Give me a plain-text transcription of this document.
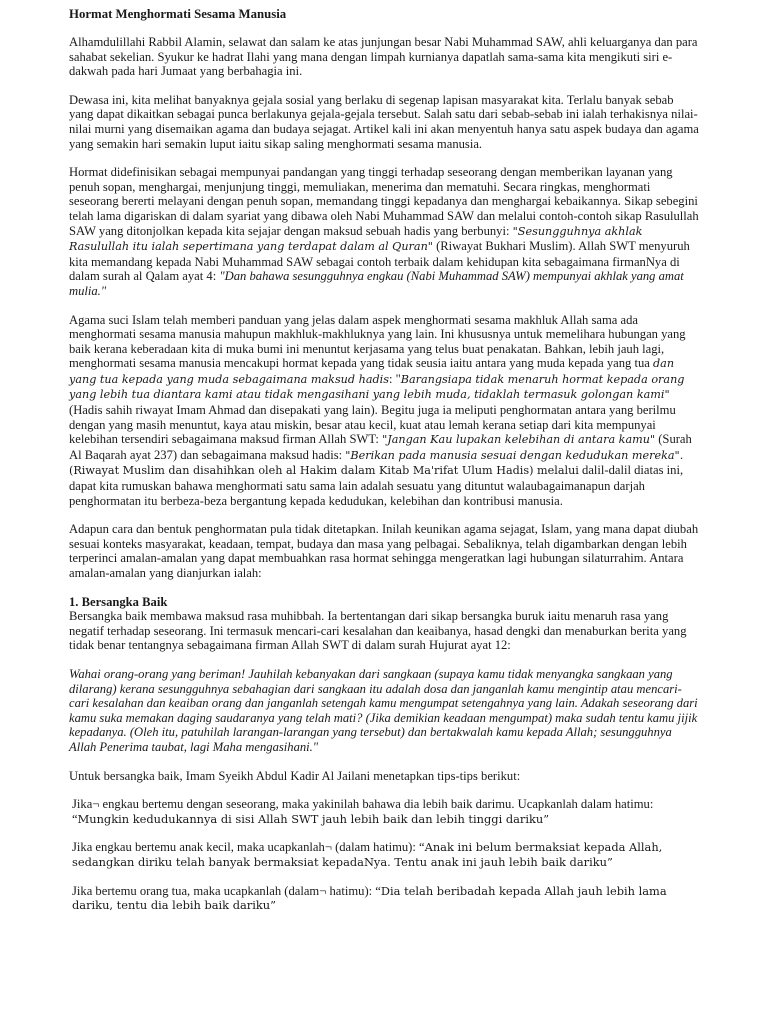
Hormat Menghormati Sesama Manusia

Alhamdulillahi Rabbil Alamin, selawat dan salam ke atas junjungan besar Nabi Muhammad SAW, ahli keluarganya dan para sahabat sekelian. Syukur ke hadrat Ilahi yang mana dengan limpah kurnianya dapatlah sama-sama kita mengikuti siri e-dakwah pada hari Jumaat yang berbahagia ini.

Dewasa ini, kita melihat banyaknya gejala sosial yang berlaku di segenap lapisan masyarakat kita. Terlalu banyak sebab yang dapat dikaitkan sebagai punca berlakunya gejala-gejala tersebut. Salah satu dari sebab-sebab ini ialah terhakisnya nilai-nilai murni yang disemaikan agama dan budaya sejagat. Artikel kali ini akan menyentuh hanya satu aspek budaya dan agama yang semakin hari semakin luput iaitu sikap saling menghormati sesama manusia.

Hormat didefinisikan sebagai mempunyai pandangan yang tinggi terhadap seseorang dengan memberikan layanan yang penuh sopan, menghargai, menjunjung tinggi, memuliakan, menerima dan mematuhi. Secara ringkas, menghormati seseorang bererti melayani dengan penuh sopan, memandang tinggi kepadanya dan menghargai kebaikannya. Sikap sebegini telah lama digariskan di dalam syariat yang dibawa oleh Nabi Muhammad SAW dan melalui contoh-contoh sikap Rasulullah SAW yang ditonjolkan kepada kita sejajar dengan maksud sebuah hadis yang berbunyi: "Sesungguhnya akhlak Rasulullah itu ialah sepertimana yang terdapat dalam al Quran" (Riwayat Bukhari Muslim). Allah SWT menyuruh kita memandang kepada Nabi Muhammad SAW sebagai contoh terbaik dalam kehidupan kita sebagaimana firmanNya di dalam surah al Qalam ayat 4: "Dan bahawa sesungguhnya engkau (Nabi Muhammad SAW) mempunyai akhlak yang amat mulia."

Agama suci Islam telah memberi panduan yang jelas dalam aspek menghormati sesama makhluk Allah sama ada menghormati sesama manusia mahupun makhluk-makhluknya yang lain. Ini khususnya untuk memelihara hubungan yang baik kerana keberadaan kita di muka bumi ini menuntut kerjasama yang telus buat penakatan. Bahkan, lebih jauh lagi, menghormati sesama manusia mencakupi hormat kepada yang tidak seusia iaitu antara yang muda kepada yang tua dan yang tua kepada yang muda sebagaimana maksud hadis: "Barangsiapa tidak menaruh hormat kepada orang yang lebih tua diantara kami atau tidak mengasihani yang lebih muda, tidaklah termasuk golongan kami" (Hadis sahih riwayat Imam Ahmad dan disepakati yang lain). Begitu juga ia meliputi penghormatan antara yang berilmu dengan yang masih menuntut, kaya atau miskin, besar atau kecil, kuat atau lemah kerana setiap dari kita mempunyai kelebihan tersendiri sebagaimana maksud firman Allah SWT: "Jangan Kau lupakan kelebihan di antara kamu" (Surah Al Baqarah ayat 237) dan sebagaimana maksud hadis: "Berikan pada manusia sesuai dengan kedudukan mereka". (Riwayat Muslim dan disahihkan oleh al Hakim dalam Kitab Ma'rifat Ulum Hadis) melalui dalil-dalil diatas ini, dapat kita rumuskan bahawa menghormati satu sama lain adalah sesuatu yang dituntut walaubagaimanapun darjah penghormatan itu berbeza-beza bergantung kepada kedudukan, kelebihan dan kontribusi manusia.

Adapun cara dan bentuk penghormatan pula tidak ditetapkan. Inilah keunikan agama sejagat, Islam, yang mana dapat diubah sesuai konteks masyarakat, keadaan, tempat, budaya dan masa yang pelbagai. Sebaliknya, telah digambarkan dengan lebih terperinci amalan-amalan yang dapat membuahkan rasa hormat sehingga mengeratkan lagi hubungan silaturrahim. Antara amalan-amalan yang dianjurkan ialah:

1. Bersangka Baik

Bersangka baik membawa maksud rasa muhibbah. Ia bertentangan dari sikap bersangka buruk iaitu menaruh rasa yang negatif terhadap seseorang. Ini termasuk mencari-cari kesalahan dan keaibanya, hasad dengki dan menaburkan berita yang tidak benar tentangnya sebagaimana firman Allah SWT di dalam surah Hujurat ayat 12:

Wahai orang-orang yang beriman! Jauhilah kebanyakan dari sangkaan (supaya kamu tidak menyangka sangkaan yang dilarang) kerana sesungguhnya sebahagian dari sangkaan itu adalah dosa dan janganlah kamu mengintip atau mencari-cari kesalahan dan keaiban orang dan janganlah setengah kamu mengumpat setengahnya yang lain. Adakah seseorang dari kamu suka memakan daging saudaranya yang telah mati? (Jika demikian keadaan mengumpat) maka sudah tentu kamu jijik kepadanya. (Oleh itu, patuhilah larangan-larangan yang tersebut) dan bertakwalah kamu kepada Allah; sesungguhnya Allah Penerima taubat, lagi Maha mengasihani."

Untuk bersangka baik, Imam Syeikh Abdul Kadir Al Jailani menetapkan tips-tips berikut:

Jika¬ engkau bertemu dengan seseorang, maka yakinilah bahawa dia lebih baik darimu. Ucapkanlah dalam hatimu: “Mungkin kedudukannya di sisi Allah SWT jauh lebih baik dan lebih tinggi dariku”

Jika engkau bertemu anak kecil, maka ucapkanlah¬ (dalam hatimu): “Anak ini belum bermaksiat kepada Allah, sedangkan diriku telah banyak bermaksiat kepadaNya. Tentu anak ini jauh lebih baik dariku”

Jika bertemu orang tua, maka ucapkanlah (dalam¬ hatimu): “Dia telah beribadah kepada Allah jauh lebih lama dariku, tentu dia lebih baik dariku”
